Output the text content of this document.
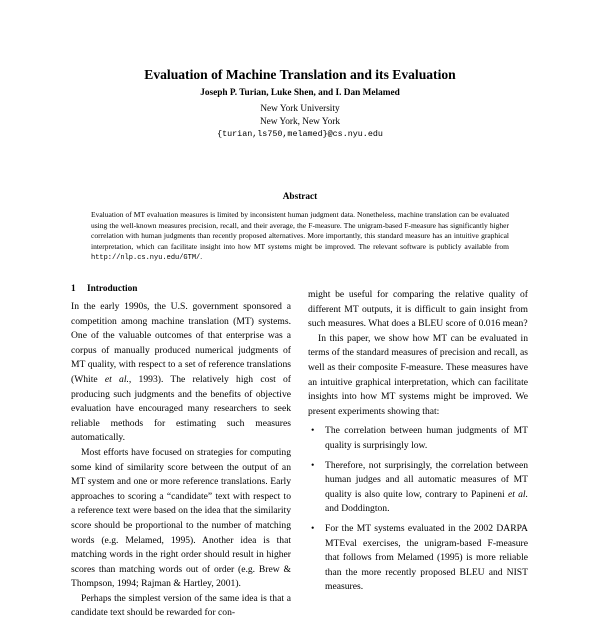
Evaluation of Machine Translation and its Evaluation
Joseph P. Turian, Luke Shen, and I. Dan Melamed
New York University
New York, New York
{turian,ls750,melamed}@cs.nyu.edu
Abstract
Evaluation of MT evaluation measures is limited by inconsistent human judgment data. Nonetheless, machine translation can be evaluated using the well-known measures precision, recall, and their average, the F-measure. The unigram-based F-measure has significantly higher correlation with human judgments than recently proposed alternatives. More importantly, this standard measure has an intuitive graphical interpretation, which can facilitate insight into how MT systems might be improved. The relevant software is publicly available from http://nlp.cs.nyu.edu/GTM/.
1 Introduction

In the early 1990s, the U.S. government sponsored a competition among machine translation (MT) systems. One of the valuable outcomes of that enterprise was a corpus of manually produced numerical judgments of MT quality, with respect to a set of reference translations (White et al., 1993). The relatively high cost of producing such judgments and the benefits of objective evaluation have encouraged many researchers to seek reliable methods for estimating such measures automatically.

Most efforts have focused on strategies for computing some kind of similarity score between the output of an MT system and one or more reference translations. Early approaches to scoring a “candidate” text with respect to a reference text were based on the idea that the similarity score should be proportional to the number of matching words (e.g. Melamed, 1995). Another idea is that matching words in the right order should result in higher scores than matching words out of order (e.g. Brew & Thompson, 1994; Rajman & Hartley, 2001).

Perhaps the simplest version of the same idea is that a candidate text should be rewarded for con-

might be useful for comparing the relative quality of different MT outputs, it is difficult to gain insight from such measures. What does a BLEU score of 0.016 mean?

In this paper, we show how MT can be evaluated in terms of the standard measures of precision and recall, as well as their composite F-measure. These measures have an intuitive graphical interpretation, which can facilitate insights into how MT systems might be improved. We present experiments showing that:

• The correlation between human judgments of MT quality is surprisingly low.
• Therefore, not surprisingly, the correlation between human judges and all automatic measures of MT quality is also quite low, contrary to Papineni et al. and Doddington.
• For the MT systems evaluated in the 2002 DARPA MTEval exercises, the unigram-based F-measure that follows from Melamed (1995) is more reliable than the more recently proposed BLEU and NIST measures.
